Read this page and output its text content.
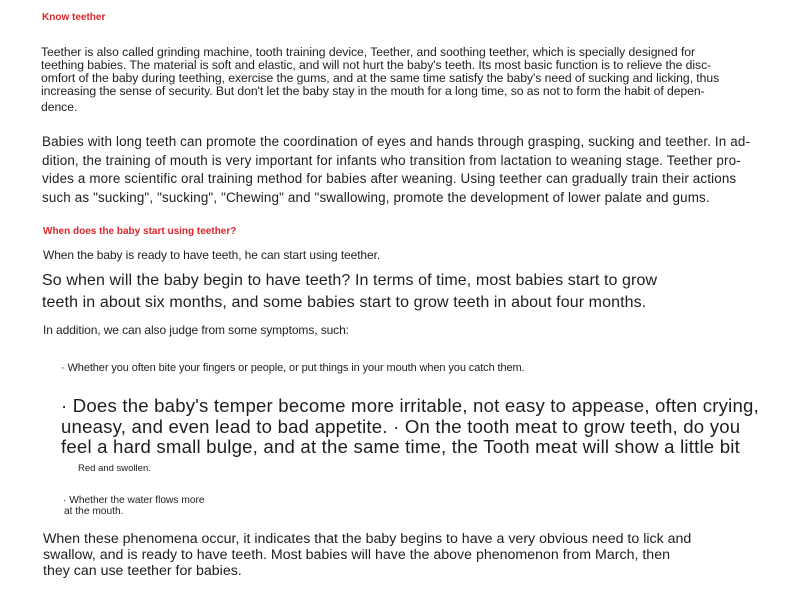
Know teether

Teether is also called grinding machine, tooth training device, Teether, and soothing teether, which is specially designed for
teething babies. The material is soft and elastic, and will not hurt the baby's teeth. Its most basic function is to relieve the disc-
omfort of the baby during teething, exercise the gums, and at the same time satisfy the baby's need of sucking and licking, thus
increasing the sense of security. But don't let the baby stay in the mouth for a long time, so as not to form the habit of depen-
dence.

Babies with long teeth can promote the coordination of eyes and hands through grasping, sucking and teether. In ad-
dition, the training of mouth is very important for infants who transition from lactation to weaning stage. Teether pro-
vides a more scientific oral training method for babies after weaning. Using teether can gradually train their actions
such as "sucking", "sucking", "Chewing" and "swallowing, promote the development of lower palate and gums.

When does the baby start using teether?

When the baby is ready to have teeth, he can start using teether.

So when will the baby begin to have teeth? In terms of time, most babies start to grow
teeth in about six months, and some babies start to grow teeth in about four months.

In addition, we can also judge from some symptoms, such:

· Whether you often bite your fingers or people, or put things in your mouth when you catch them.

· Does the baby's temper become more irritable, not easy to appease, often crying,
uneasy, and even lead to bad appetite. · On the tooth meat to grow teeth, do you
feel a hard small bulge, and at the same time, the Tooth meat will show a little bit

Red and swollen.

· Whether the water flows more
at the mouth.

When these phenomena occur, it indicates that the baby begins to have a very obvious need to lick and
swallow, and is ready to have teeth. Most babies will have the above phenomenon from March, then
they can use teether for babies.
